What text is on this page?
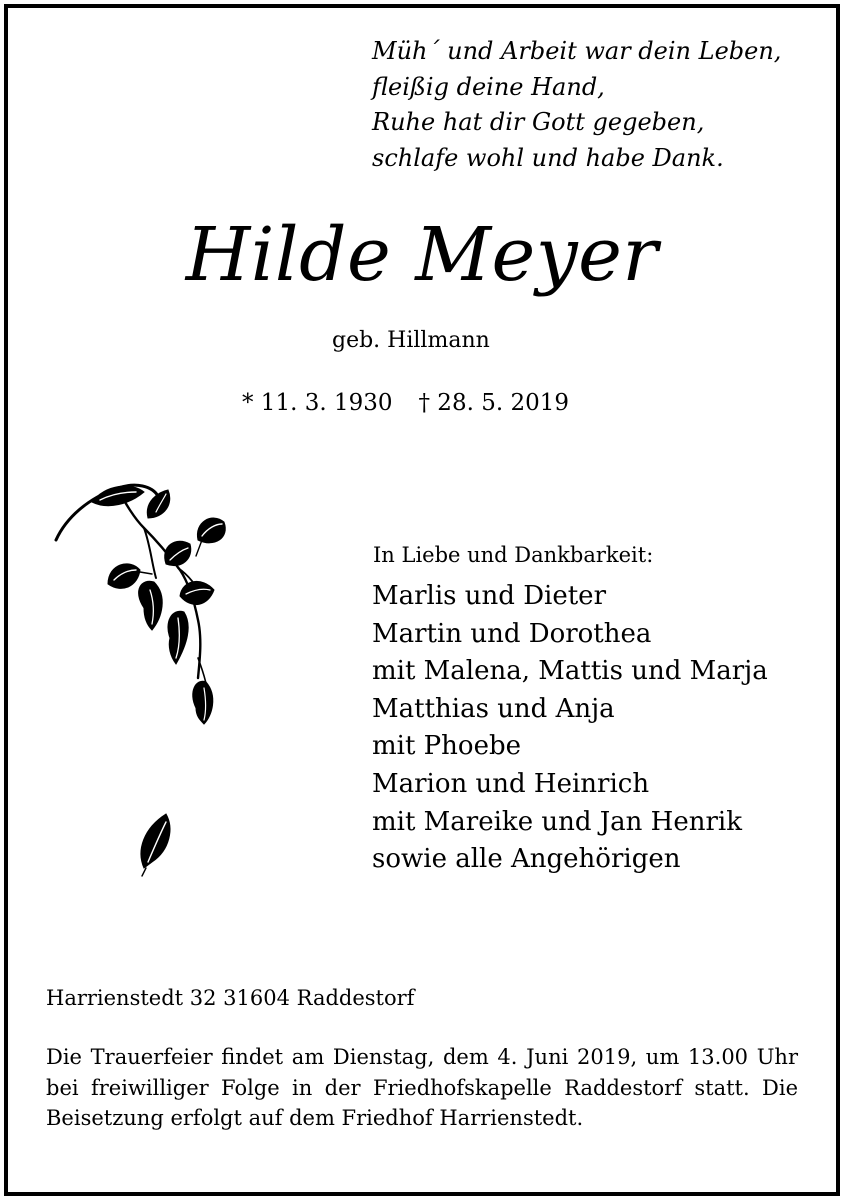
Müh´ und Arbeit war dein Leben,
fleißig deine Hand,
Ruhe hat dir Gott gegeben,
schlafe wohl und habe Dank.
Hilde Meyer
geb. Hillmann
* 11. 3. 1930 † 28. 5. 2019
In Liebe und Dankbarkeit:
Marlis und Dieter
Martin und Dorothea
mit Malena, Mattis und Marja
Matthias und Anja
mit Phoebe
Marion und Heinrich
mit Mareike und Jan Henrik
sowie alle Angehörigen
Harrienstedt 32 31604 Raddestorf

Die Trauerfeier findet am Dienstag, dem 4. Juni 2019, um 13.00 Uhr bei freiwilliger Folge in der Friedhofskapelle Raddestorf statt. Die Beisetzung erfolgt auf dem Friedhof Harrienstedt.
